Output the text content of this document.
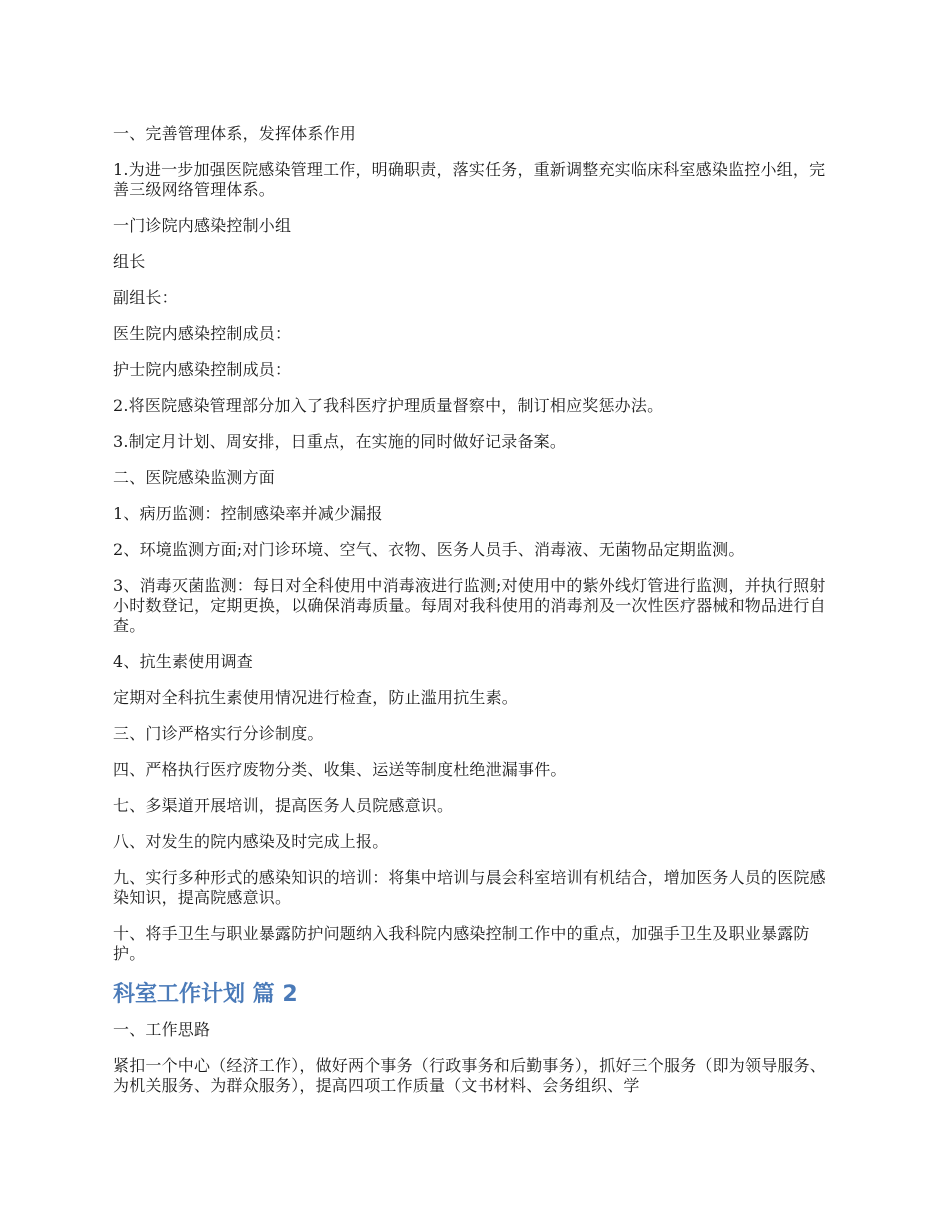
一、完善管理体系，发挥体系作用

1.为进一步加强医院感染管理工作，明确职责，落实任务，重新调整充实临床科室感染监控小组，完善三级网络管理体系。

一门诊院内感染控制小组

组长

副组长：

医生院内感染控制成员：

护士院内感染控制成员：

2.将医院感染管理部分加入了我科医疗护理质量督察中，制订相应奖惩办法。

3.制定月计划、周安排，日重点，在实施的同时做好记录备案。

二、医院感染监测方面

1、病历监测：控制感染率并减少漏报

2、环境监测方面;对门诊环境、空气、衣物、医务人员手、消毒液、无菌物品定期监测。

3、消毒灭菌监测：每日对全科使用中消毒液进行监测;对使用中的紫外线灯管进行监测，并执行照射小时数登记，定期更换，以确保消毒质量。每周对我科使用的消毒剂及一次性医疗器械和物品进行自查。

4、抗生素使用调查

定期对全科抗生素使用情况进行检查，防止滥用抗生素。

三、门诊严格实行分诊制度。

四、严格执行医疗废物分类、收集、运送等制度杜绝泄漏事件。

七、多渠道开展培训，提高医务人员院感意识。

八、对发生的院内感染及时完成上报。

九、实行多种形式的感染知识的培训：将集中培训与晨会科室培训有机结合，增加医务人员的医院感染知识，提高院感意识。

十、将手卫生与职业暴露防护问题纳入我科院内感染控制工作中的重点，加强手卫生及职业暴露防护。

科室工作计划 篇 2

一、工作思路

紧扣一个中心（经济工作），做好两个事务（行政事务和后勤事务），抓好三个服务（即为领导服务、为机关服务、为群众服务），提高四项工作质量（文书材料、会务组织、学
